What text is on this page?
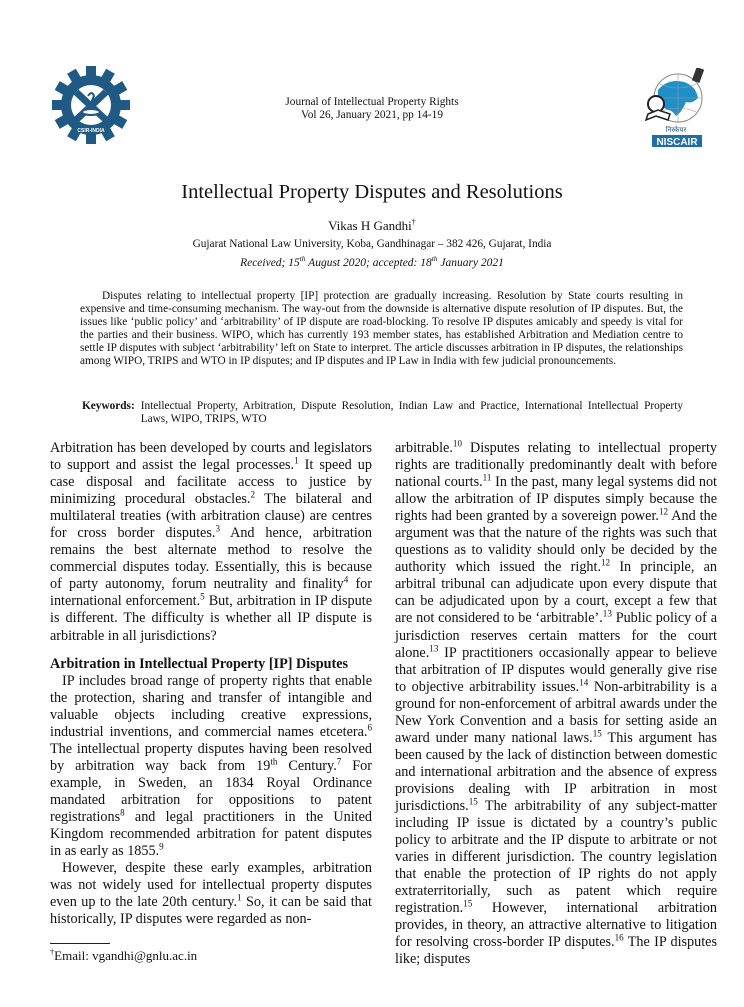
CSIR-INDIA
Journal of Intellectual Property Rights
Vol 26, January 2021, pp 14-19
निस्केयर
NISCAIR
Intellectual Property Disputes and Resolutions
Vikas H Gandhi†
Gujarat National Law University, Koba, Gandhinagar – 382 426, Gujarat, India
Received; 15th August 2020; accepted: 18th January 2021
Disputes relating to intellectual property [IP] protection are gradually increasing. Resolution by State courts resulting in expensive and time-consuming mechanism. The way-out from the downside is alternative dispute resolution of IP disputes. But, the issues like ‘public policy’ and ‘arbitrability’ of IP dispute are road-blocking. To resolve IP disputes amicably and speedy is vital for the parties and their business. WIPO, which has currently 193 member states, has established Arbitration and Mediation centre to settle IP disputes with subject ‘arbitrability’ left on State to interpret. The article discusses arbitration in IP disputes, the relationships among WIPO, TRIPS and WTO in IP disputes; and IP disputes and IP Law in India with few judicial pronouncements.
Keywords: Intellectual Property, Arbitration, Dispute Resolution, Indian Law and Practice, International Intellectual Property Laws, WIPO, TRIPS, WTO

Arbitration has been developed by courts and legislators to support and assist the legal processes.$^1$ It speed up case disposal and facilitate access to justice by minimizing procedural obstacles.$^2$ The bilateral and multilateral treaties (with arbitration clause) are centres for cross border disputes.$^3$ And hence, arbitration remains the best alternate method to resolve the commercial disputes today. Essentially, this is because of party autonomy, forum neutrality and finality$^4$ for international enforcement.$^5$ But, arbitration in IP dispute is different. The difficulty is whether all IP dispute is arbitrable in all jurisdictions?

Arbitration in Intellectual Property [IP] Disputes

IP includes broad range of property rights that enable the protection, sharing and transfer of intangible and valuable objects including creative expressions, industrial inventions, and commercial names etcetera.$^6$ The intellectual property disputes having been resolved by arbitration way back from 19th Century.$^7$ For example, in Sweden, an 1834 Royal Ordinance mandated arbitration for oppositions to patent registrations$^8$ and legal practitioners in the United Kingdom recommended arbitration for patent disputes in as early as 1855.$^9$

However, despite these early examples, arbitration was not widely used for intellectual property disputes even up to the late 20th century.$^1$ So, it can be said that historically, IP disputes were regarded as non-

arbitrable.$^{10}$ Disputes relating to intellectual property rights are traditionally predominantly dealt with before national courts.$^{11}$ In the past, many legal systems did not allow the arbitration of IP disputes simply because the rights had been granted by a sovereign power.$^{12}$ And the argument was that the nature of the rights was such that questions as to validity should only be decided by the authority which issued the right.$^{12}$ In principle, an arbitral tribunal can adjudicate upon every dispute that can be adjudicated upon by a court, except a few that are not considered to be ‘arbitrable’.$^{13}$ Public policy of a jurisdiction reserves certain matters for the court alone.$^{13}$ IP practitioners occasionally appear to believe that arbitration of IP disputes would generally give rise to objective arbitrability issues.$^{14}$ Non-arbitrability is a ground for non-enforcement of arbitral awards under the New York Convention and a basis for setting aside an award under many national laws.$^{15}$ This argument has been caused by the lack of distinction between domestic and international arbitration and the absence of express provisions dealing with IP arbitration in most jurisdictions.$^{15}$ The arbitrability of any subject-matter including IP issue is dictated by a country’s public policy to arbitrate and the IP dispute to arbitrate or not varies in different jurisdiction. The country legislation that enable the protection of IP rights do not apply extraterritorially, such as patent which require registration.$^{15}$ However, international arbitration provides, in theory, an attractive alternative to litigation for resolving cross-border IP disputes.$^{16}$ The IP disputes like; disputes

†Email: vgandhi@gnlu.ac.in
